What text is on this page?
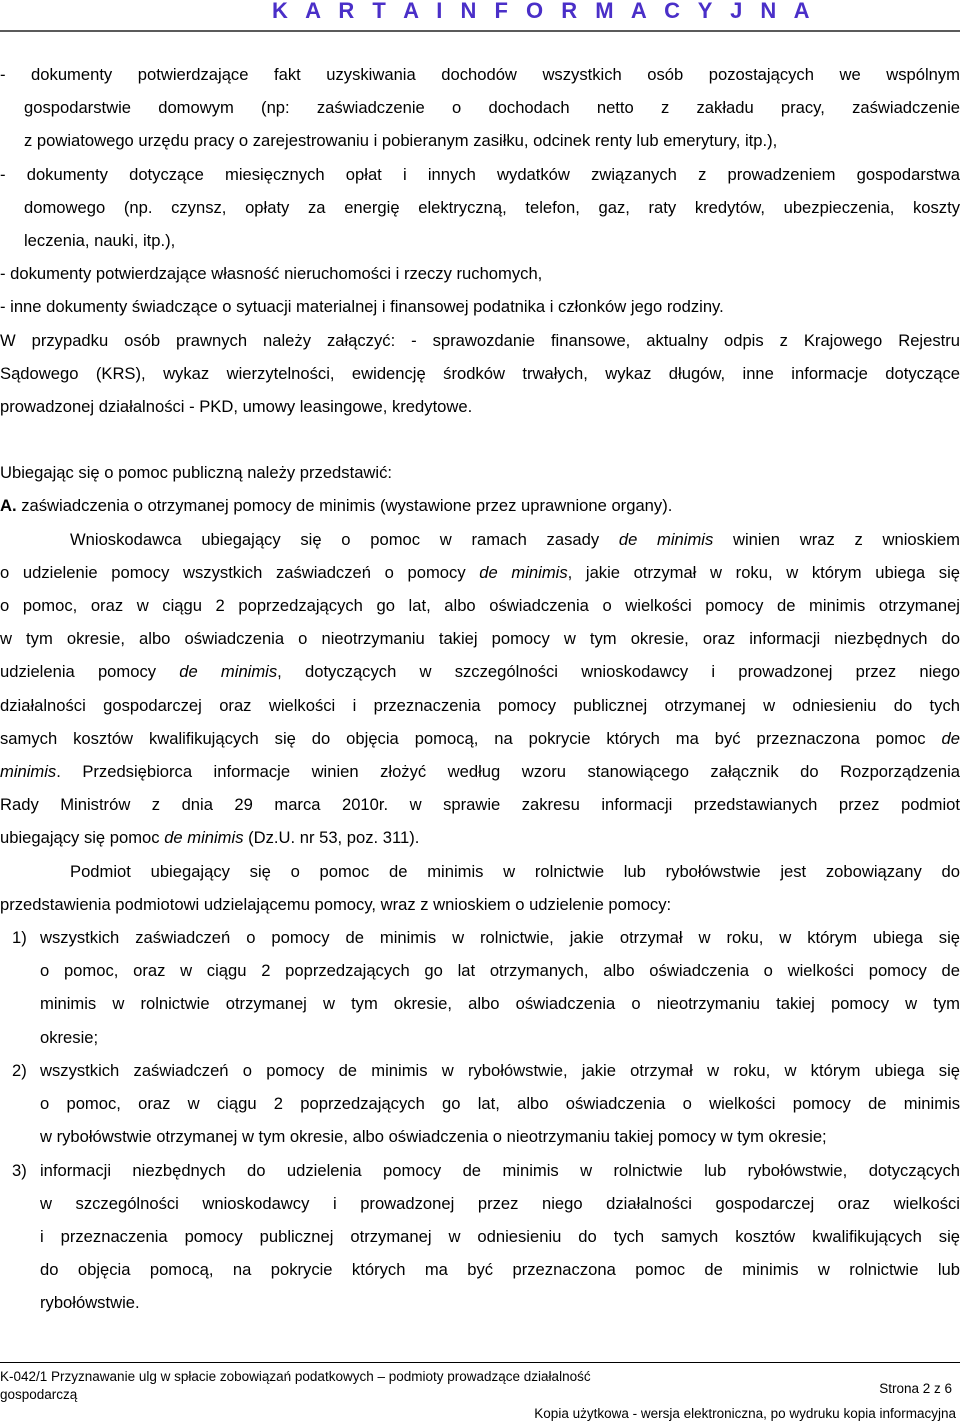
K A R T A I N F O R M A C Y J N A
- dokumenty potwierdzające fakt uzyskiwania dochodów wszystkich osób pozostających we wspólnym
gospodarstwie domowym (np: zaświadczenie o dochodach netto z zakładu pracy, zaświadczenie
z powiatowego urzędu pracy o zarejestrowaniu i pobieranym zasiłku, odcinek renty lub emerytury, itp.),
- dokumenty dotyczące miesięcznych opłat i innych wydatków związanych z prowadzeniem gospodarstwa
domowego (np. czynsz, opłaty za energię elektryczną, telefon, gaz, raty kredytów, ubezpieczenia, koszty
leczenia, nauki, itp.),
- dokumenty potwierdzające własność nieruchomości i rzeczy ruchomych,
- inne dokumenty świadczące o sytuacji materialnej i finansowej podatnika i członków jego rodziny.
W przypadku osób prawnych należy załączyć: - sprawozdanie finansowe, aktualny odpis z Krajowego Rejestru
Sądowego (KRS), wykaz wierzytelności, ewidencję środków trwałych, wykaz długów, inne informacje dotyczące
prowadzonej działalności - PKD, umowy leasingowe, kredytowe.
Ubiegając się o pomoc publiczną należy przedstawić:
A. zaświadczenia o otrzymanej pomocy de minimis (wystawione przez uprawnione organy).
Wnioskodawca ubiegający się o pomoc w ramach zasady de minimis winien wraz z wnioskiem
o udzielenie pomocy wszystkich zaświadczeń o pomocy de minimis, jakie otrzymał w roku, w którym ubiega się
o pomoc, oraz w ciągu 2 poprzedzających go lat, albo oświadczenia o wielkości pomocy de minimis otrzymanej
w tym okresie, albo oświadczenia o nieotrzymaniu takiej pomocy w tym okresie, oraz informacji niezbędnych do
udzielenia pomocy de minimis, dotyczących w szczególności wnioskodawcy i prowadzonej przez niego
działalności gospodarczej oraz wielkości i przeznaczenia pomocy publicznej otrzymanej w odniesieniu do tych
samych kosztów kwalifikujących się do objęcia pomocą, na pokrycie których ma być przeznaczona pomoc de
minimis. Przedsiębiorca informacje winien złożyć według wzoru stanowiącego załącznik do Rozporządzenia
Rady Ministrów z dnia 29 marca 2010r. w sprawie zakresu informacji przedstawianych przez podmiot
ubiegający się pomoc de minimis (Dz.U. nr 53, poz. 311).
Podmiot ubiegający się o pomoc de minimis w rolnictwie lub rybołówstwie jest zobowiązany do
przedstawienia podmiotowi udzielającemu pomocy, wraz z wnioskiem o udzielenie pomocy:
1) wszystkich zaświadczeń o pomocy de minimis w rolnictwie, jakie otrzymał w roku, w którym ubiega się
o pomoc, oraz w ciągu 2 poprzedzających go lat otrzymanych, albo oświadczenia o wielkości pomocy de
minimis w rolnictwie otrzymanej w tym okresie, albo oświadczenia o nieotrzymaniu takiej pomocy w tym
okresie;
2) wszystkich zaświadczeń o pomocy de minimis w rybołówstwie, jakie otrzymał w roku, w którym ubiega się
o pomoc, oraz w ciągu 2 poprzedzających go lat, albo oświadczenia o wielkości pomocy de minimis
w rybołówstwie otrzymanej w tym okresie, albo oświadczenia o nieotrzymaniu takiej pomocy w tym okresie;
3) informacji niezbędnych do udzielenia pomocy de minimis w rolnictwie lub rybołówstwie, dotyczących
w szczególności wnioskodawcy i prowadzonej przez niego działalności gospodarczej oraz wielkości
i przeznaczenia pomocy publicznej otrzymanej w odniesieniu do tych samych kosztów kwalifikujących się
do objęcia pomocą, na pokrycie których ma być przeznaczona pomoc de minimis w rolnictwie lub
rybołówstwie.
K-042/1 Przyznawanie ulg w spłacie zobowiązań podatkowych – podmioty prowadzące działalność
gospodarczą	Strona 2 z 6
Kopia użytkowa - wersja elektroniczna, po wydruku kopia informacyjna
